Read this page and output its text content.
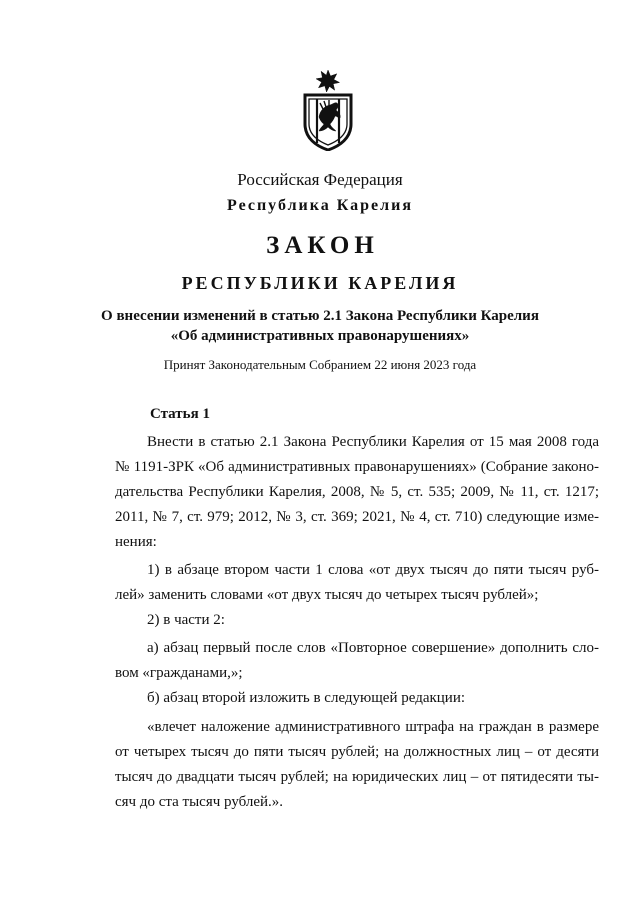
Российская Федерация
Республика Карелия
ЗАКОН
РЕСПУБЛИКИ КАРЕЛИЯ
О внесении изменений в статью 2.1 Закона Республики Карелия
«Об административных правонарушениях»
Принят Законодательным Собранием 22 июня 2023 года
Статья 1
Внести в статью 2.1 Закона Республики Карелия от 15 мая 2008 года
№ 1191-ЗРК «Об административных правонарушениях» (Собрание законо-
дательства Республики Карелия, 2008, № 5, ст. 535; 2009, № 11, ст. 1217;
2011, № 7, ст. 979; 2012, № 3, ст. 369; 2021, № 4, ст. 710) следующие изме-
нения:
1) в абзаце втором части 1 слова «от двух тысяч до пяти тысяч руб-
лей» заменить словами «от двух тысяч до четырех тысяч рублей»;
2) в части 2:
а) абзац первый после слов «Повторное совершение» дополнить сло-
вом «гражданами,»;
б) абзац второй изложить в следующей редакции:
«влечет наложение административного штрафа на граждан в размере
от четырех тысяч до пяти тысяч рублей; на должностных лиц – от десяти
тысяч до двадцати тысяч рублей; на юридических лиц – от пятидесяти ты-
сяч до ста тысяч рублей.».
